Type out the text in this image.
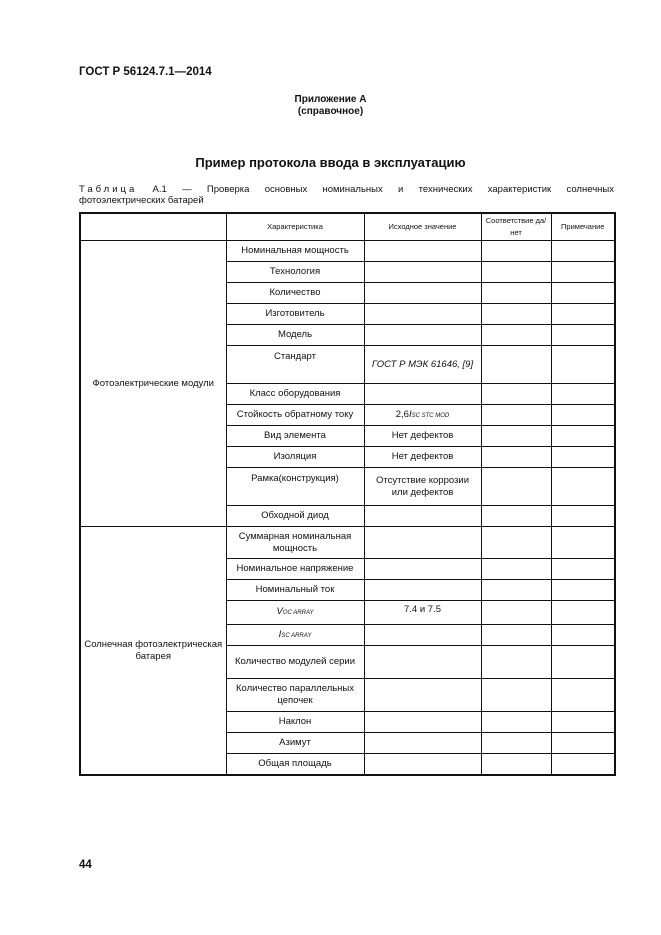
ГОСТ Р 56124.7.1—2014
Приложение А
(справочное)
Пример протокола ввода в эксплуатацию
Таблица А.1 — Проверка основных номинальных и технических характеристик солнечных
фотоэлектрических батарей
	Характеристика	Исходное значение	Соответствие да/нет	Примечание
Фотоэлектрические модули	Номинальная мощность			
	Технология			
	Количество			
	Изготовитель			
	Модель			
	Стандарт	ГОСТ Р МЭК 61646, [9]		
	Класс оборудования			
	Стойкость обратному току	2,6ISC STC MOD		
	Вид элемента	Нет дефектов		
	Изоляция	Нет дефектов		
	Рамка(конструкция)	Отсутствие коррозии или дефектов		
	Обходной диод			
Солнечная фотоэлектрическая батарея	Суммарная номинальная мощность			
	Номинальное напряжение			
	Номинальный ток			
	VOC ARRAY	7.4 и 7.5		
	ISC ARRAY			
	Количество модулей серии			
	Количество параллельных цепочек			
	Наклон			
	Азимут			
	Общая площадь			
44
